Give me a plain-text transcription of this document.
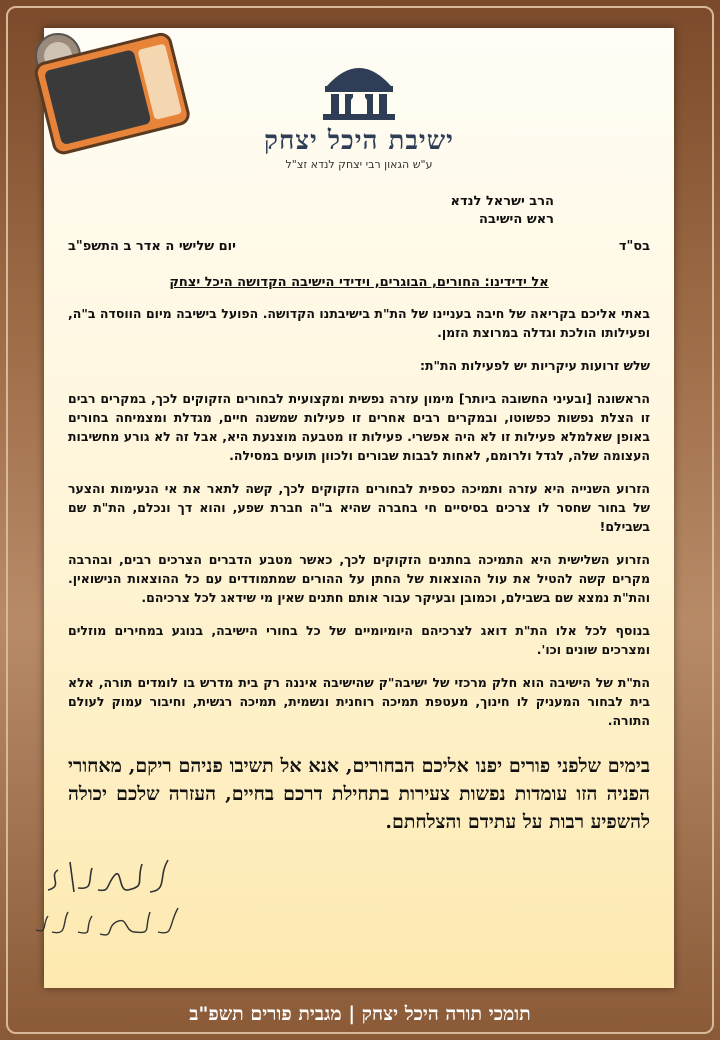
ישיבת היכל יצחק
ע"ש הגאון רבי יצחק לנדא זצ"ל
הרב ישראל לנדא
ראש הישיבה
בס"ד
יום שלישי ה אדר ב התשפ"ב
אל ידידינו: החורים, הבוגרים, וידידי הישיבה הקדושה היכל יצחק

באתי אליכם בקריאה של חיבה בעניינו של הת"ת בישיבתנו הקדושה. הפועל בישיבה מיום הווסדה ב"ה, ופעילותו הולכת וגדלה במרוצת הזמן.

שלש זרועות עיקריות יש לפעילות הת"ת:

הראשונה [ובעיני החשובה ביותר] מימון עזרה נפשית ומקצועית לבחורים הזקוקים לכך, במקרים רבים זו הצלת נפשות כפשוטו, ובמקרים רבים אחרים זו פעילות שמשנה חיים, מגדלת ומצמיחה בחורים באופן שאלמלא פעילות זו לא היה אפשרי. פעילות זו מטבעה מוצנעת היא, אבל זה לא גורע מחשיבות העצומה שלה, לגדל ולרומם, לאחות לבבות שבורים ולכוון תועים במסילה.

הזרוע השנייה היא עזרה ותמיכה כספית לבחורים הזקוקים לכך, קשה לתאר את אי הנעימות והצער של בחור שחסר לו צרכים בסיסיים חי בחברה שהיא ב"ה חברת שפע, והוא דך ונכלם, הת"ת שם בשבילם!

הזרוע השלישית היא התמיכה בחתנים הזקוקים לכך, כאשר מטבע הדברים הצרכים רבים, ובהרבה מקרים קשה להטיל את עול ההוצאות של החתן על ההורים שמתמודדים עם כל ההוצאות הנישואין. והת"ת נמצא שם בשבילם, וכמובן ובעיקר עבור אותם חתנים שאין מי שידאג לכל צרכיהם.

בנוסף לכל אלו הת"ת דואג לצרכיהם היומיומיים של כל בחורי הישיבה, בנוגע במחירים מוזלים ומצרכים שונים וכו'.

הת"ת של הישיבה הוא חלק מרכזי של ישיבה"ק שהישיבה איננה רק בית מדרש בו לומדים תורה, אלא בית לבחור המעניק לו חינוך, מעטפת תמיכה רוחנית ונשמית, תמיכה רגשית, וחיבור עמוק לעולם התורה.

בימים שלפני פורים יפנו אליכם הבחורים, אנא אל תשיבו פניהם ריקם, מאחורי הפניה הזו עומדות נפשות צעירות בתחילת דרכם בחיים, העזרה שלכם יכולה להשפיע רבות על עתידם והצלחתם.

תומכי תורה היכל יצחק | מגבית פורים תשפ"ב
